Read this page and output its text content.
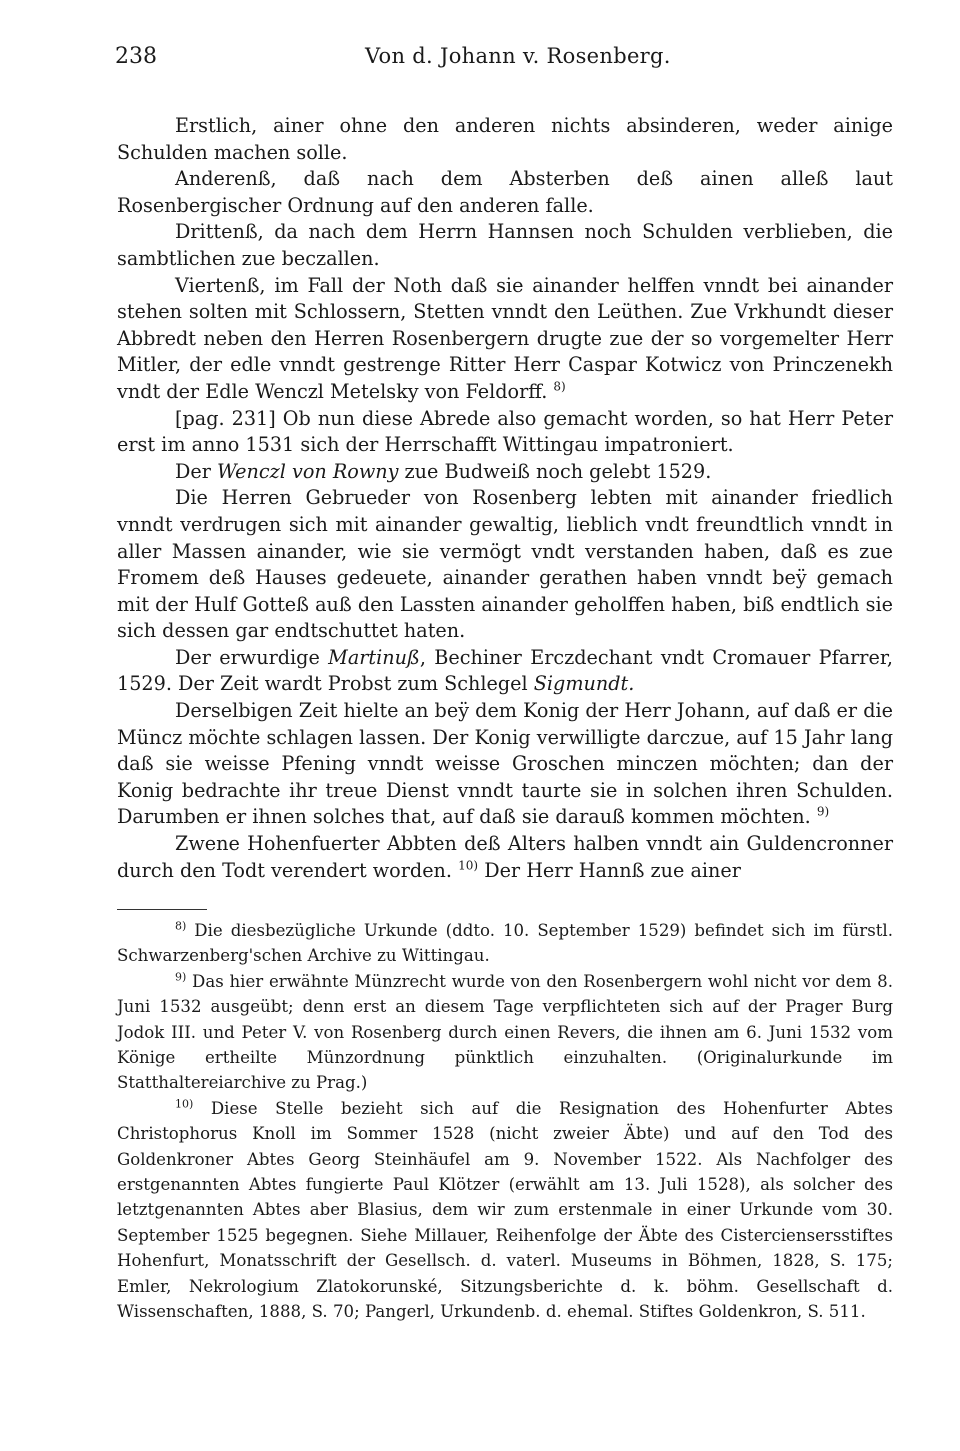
238	Von d. Johann v. Rosenberg.

Erstlich, ainer ohne den anderen nichts absinderen, weder ainige Schulden machen solle.

Anderenß, daß nach dem Absterben deß ainen alleß laut Rosenbergischer Ordnung auf den anderen falle.

Drittenß, da nach dem Herrn Hannsen noch Schulden verblieben, die sambtlichen zue beczallen.

Viertenß, im Fall der Noth daß sie ainander helffen vnndt bei ainander stehen solten mit Schlossern, Stetten vnndt den Leüthen. Zue Vrkhundt dieser Abbredt neben den Herren Rosenbergern drugte zue der so vorgemelter Herr Mitler, der edle vnndt gestrenge Ritter Herr Caspar Kotwicz von Princzenekh vndt der Edle Wenczl Metelsky von Feldorff. $^{8)}$

[pag. 231] Ob nun diese Abrede also gemacht worden, so hat Herr Peter erst im anno 1531 sich der Herrschafft Wittingau impatroniert.

Der Wenczl von Rowny zue Budweiß noch gelebt 1529.

Die Herren Gebrueder von Rosenberg lebten mit ainander friedlich vnndt verdrugen sich mit ainander gewaltig, lieblich vndt freundtlich vnndt in aller Massen ainander, wie sie vermögt vndt verstanden haben, daß es zue Fromem deß Hauses gedeuete, ainander gerathen haben vnndt beÿ gemach mit der Hulf Gotteß auß den Lassten ainander geholffen haben, biß endtlich sie sich dessen gar endtschuttet haten.

Der erwurdige Martinuß, Bechiner Erczdechant vndt Cromauer Pfarrer, 1529. Der Zeit wardt Probst zum Schlegel Sigmundt.

Derselbigen Zeit hielte an beÿ dem Konig der Herr Johann, auf daß er die Müncz möchte schlagen lassen. Der Konig verwilligte darczue, auf 15 Jahr lang daß sie weisse Pfening vnndt weisse Groschen minczen möchten; dan der Konig bedrachte ihr treue Dienst vnndt taurte sie in solchen ihren Schulden. Darumben er ihnen solches that, auf daß sie darauß kommen möchten. $^{9)}$

Zwene Hohenfuerter Abbten deß Alters halben vnndt ain Guldencronner durch den Todt verendert worden. $^{10)}$ Der Herr Hannß zue ainer

$^{8)}$ Die diesbezügliche Urkunde (ddto. 10. September 1529) befindet sich im fürstl. Schwarzenberg'schen Archive zu Wittingau.

$^{9)}$ Das hier erwähnte Münzrecht wurde von den Rosenbergern wohl nicht vor dem 8. Juni 1532 ausgeübt; denn erst an diesem Tage verpflichteten sich auf der Prager Burg Jodok III. und Peter V. von Rosenberg durch einen Revers, die ihnen am 6. Juni 1532 vom Könige ertheilte Münzordnung pünktlich einzuhalten. (Originalurkunde im Statthaltereiarchive zu Prag.)

$^{10)}$ Diese Stelle bezieht sich auf die Resignation des Hohenfurter Abtes Christophorus Knoll im Sommer 1528 (nicht zweier Äbte) und auf den Tod des Goldenkroner Abtes Georg Steinhäufel am 9. November 1522. Als Nachfolger des erstgenannten Abtes fungierte Paul Klötzer (erwählt am 13. Juli 1528), als solcher des letztgenannten Abtes aber Blasius, dem wir zum erstenmale in einer Urkunde vom 30. September 1525 begegnen. Siehe Millauer, Reihenfolge der Äbte des Cisterciensersstiftes Hohenfurt, Monatsschrift der Gesellsch. d. vaterl. Museums in Böhmen, 1828, S. 175; Emler, Nekrologium Zlatokorunské, Sitzungsberichte d. k. böhm. Gesellschaft d. Wissenschaften, 1888, S. 70; Pangerl, Urkundenb. d. ehemal. Stiftes Goldenkron, S. 511.
